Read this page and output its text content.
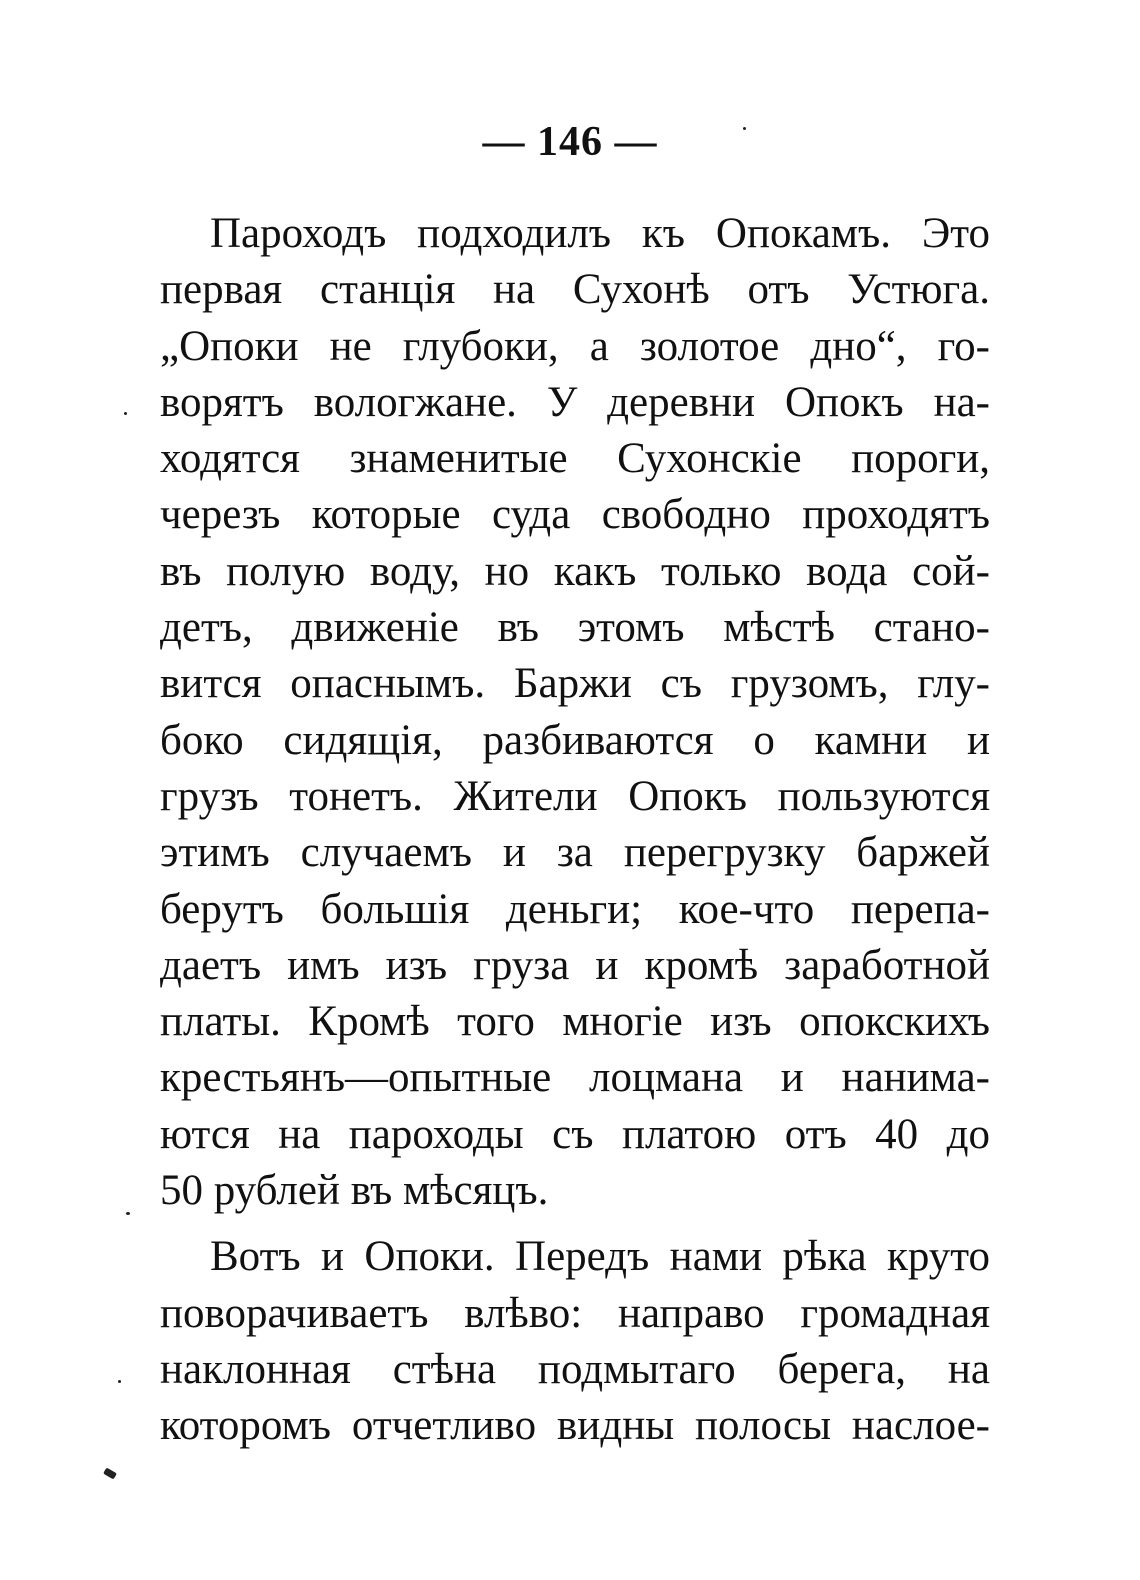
— 146 —
Пароходъ подходилъ къ Опокамъ. Это
первая станція на Сухонѣ отъ Устюга.
„Опоки не глубоки, а золотое дно“, го-
ворятъ вологжане. У деревни Опокъ на-
ходятся знаменитые Сухонскіе пороги,
черезъ которые суда свободно проходятъ
въ полую воду, но какъ только вода сой-
детъ, движеніе въ этомъ мѣстѣ стано-
вится опаснымъ. Баржи съ грузомъ, глу-
боко сидящія, разбиваются о камни и
грузъ тонетъ. Жители Опокъ пользуются
этимъ случаемъ и за перегрузку баржей
берутъ большія деньги; кое-что перепа-
даетъ имъ изъ груза и кромѣ заработной
платы. Кромѣ того многіе изъ опокскихъ
крестьянъ—опытные лоцмана и нанима-
ются на пароходы съ платою отъ 40 до
50 рублей въ мѣсяцъ.
Вотъ и Опоки. Передъ нами рѣка круто
поворачиваетъ влѣво: направо громадная
наклонная стѣна подмытаго берега, на
которомъ отчетливо видны полосы наслое-
